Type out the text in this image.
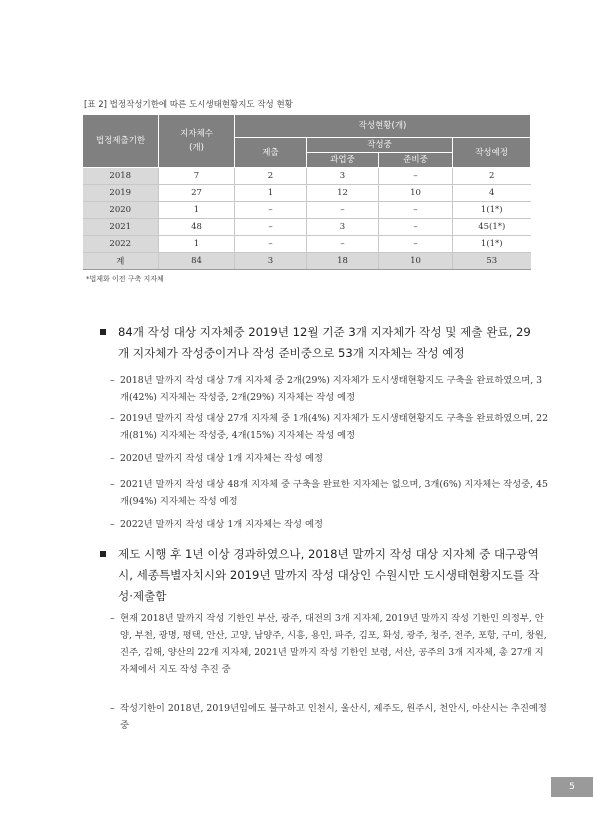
[표 2] 법정작성기한에 따른 도시생태현황지도 작성 현황
법정제출기한	지자체수
(개)	작성현황(개)			
		제출	작성중		작성예정
			과업중	준비중	
2018	7	2	3	–	2
2019	27	1	12	10	4
2020	1	–	–	–	1(1*)
2021	48	–	3	–	45(1*)
2022	1	–	–	–	1(1*)
계	84	3	18	10	53
*법제화 이전 구축 지자체
84개 작성 대상 지자체중 2019년 12월 기준 3개 지자체가 작성 및 제출 완료, 29개 지자체가 작성중이거나 작성 준비중으로 53개 지자체는 작성 예정
– 2018년 말까지 작성 대상 7개 지자체 중 2개(29%) 지자체가 도시생태현황지도 구축을 완료하였으며, 3개(42%) 지자체는 작성중, 2개(29%) 지자체는 작성 예정
– 2019년 말까지 작성 대상 27개 지자체 중 1개(4%) 지자체가 도시생태현황지도 구축을 완료하였으며, 22개(81%) 지자체는 작성중, 4개(15%) 지자체는 작성 예정
– 2020년 말까지 작성 대상 1개 지자체는 작성 예정
– 2021년 말까지 작성 대상 48개 지자체 중 구축을 완료한 지자체는 없으며, 3개(6%) 지자체는 작성중, 45개(94%) 지자체는 작성 예정
– 2022년 말까지 작성 대상 1개 지자체는 작성 예정
제도 시행 후 1년 이상 경과하였으나, 2018년 말까지 작성 대상 지자체 중 대구광역시, 세종특별자치시와 2019년 말까지 작성 대상인 수원시만 도시생태현황지도를 작성·제출함
– 현재 2018년 말까지 작성 기한인 부산, 광주, 대전의 3개 지자체, 2019년 말까지 작성 기한인 의정부, 안양, 부천, 광명, 평택, 안산, 고양, 남양주, 시흥, 용인, 파주, 김포, 화성, 광주, 청주, 전주, 포항, 구미, 창원, 진주, 김해, 양산의 22개 지자체, 2021년 말까지 작성 기한인 보령, 서산, 공주의 3개 지자체, 총 27개 지자체에서 지도 작성 추진 중
– 작성기한이 2018년, 2019년임에도 불구하고 인천시, 울산시, 제주도, 원주시, 천안시, 아산시는 추진예정 중
5
